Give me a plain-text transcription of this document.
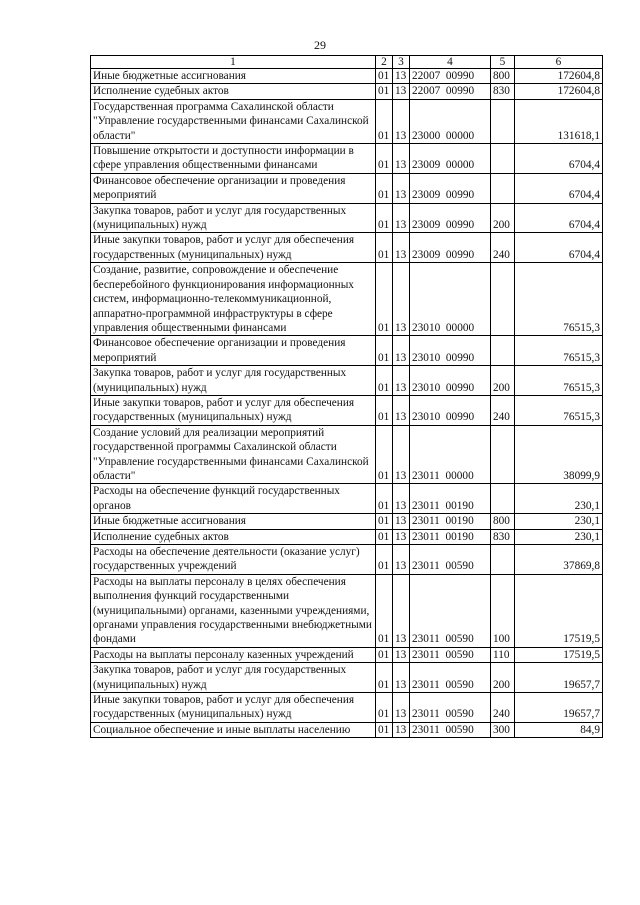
29
1	2	3	4	5	6
Иные бюджетные ассигнования	01	13	22007  00990	800	172604,8
Исполнение судебных актов	01	13	22007  00990	830	172604,8
Государственная программа Сахалинской области "Управление государственными финансами Сахалинской области"	01	13	23000  00000		131618,1
Повышение открытости и доступности информации в сфере управления общественными финансами	01	13	23009  00000		6704,4
Финансовое обеспечение организации и проведения мероприятий	01	13	23009  00990		6704,4
Закупка товаров, работ и услуг для государственных (муниципальных) нужд	01	13	23009  00990	200	6704,4
Иные закупки товаров, работ и услуг для обеспечения государственных (муниципальных) нужд	01	13	23009  00990	240	6704,4
Создание, развитие, сопровождение и обеспечение бесперебойного функционирования информационных систем, информационно-телекоммуникационной, аппаратно-программной инфраструктуры в сфере управления общественными финансами	01	13	23010  00000		76515,3
Финансовое обеспечение организации и проведения мероприятий	01	13	23010  00990		76515,3
Закупка товаров, работ и услуг для государственных (муниципальных) нужд	01	13	23010  00990	200	76515,3
Иные закупки товаров, работ и услуг для обеспечения государственных (муниципальных) нужд	01	13	23010  00990	240	76515,3
Создание условий для реализации мероприятий государственной программы Сахалинской области "Управление государственными финансами Сахалинской области"	01	13	23011  00000		38099,9
Расходы на обеспечение функций государственных органов	01	13	23011  00190		230,1
Иные бюджетные ассигнования	01	13	23011  00190	800	230,1
Исполнение судебных актов	01	13	23011  00190	830	230,1
Расходы на обеспечение деятельности (оказание услуг) государственных учреждений	01	13	23011  00590		37869,8
Расходы на выплаты персоналу в целях обеспечения выполнения функций государственными (муниципальными) органами, казенными учреждениями, органами управления государственными внебюджетными фондами	01	13	23011  00590	100	17519,5
Расходы на выплаты персоналу казенных учреждений	01	13	23011  00590	110	17519,5
Закупка товаров, работ и услуг для государственных (муниципальных) нужд	01	13	23011  00590	200	19657,7
Иные закупки товаров, работ и услуг для обеспечения государственных (муниципальных) нужд	01	13	23011  00590	240	19657,7
Социальное обеспечение и иные выплаты населению	01	13	23011  00590	300	84,9
